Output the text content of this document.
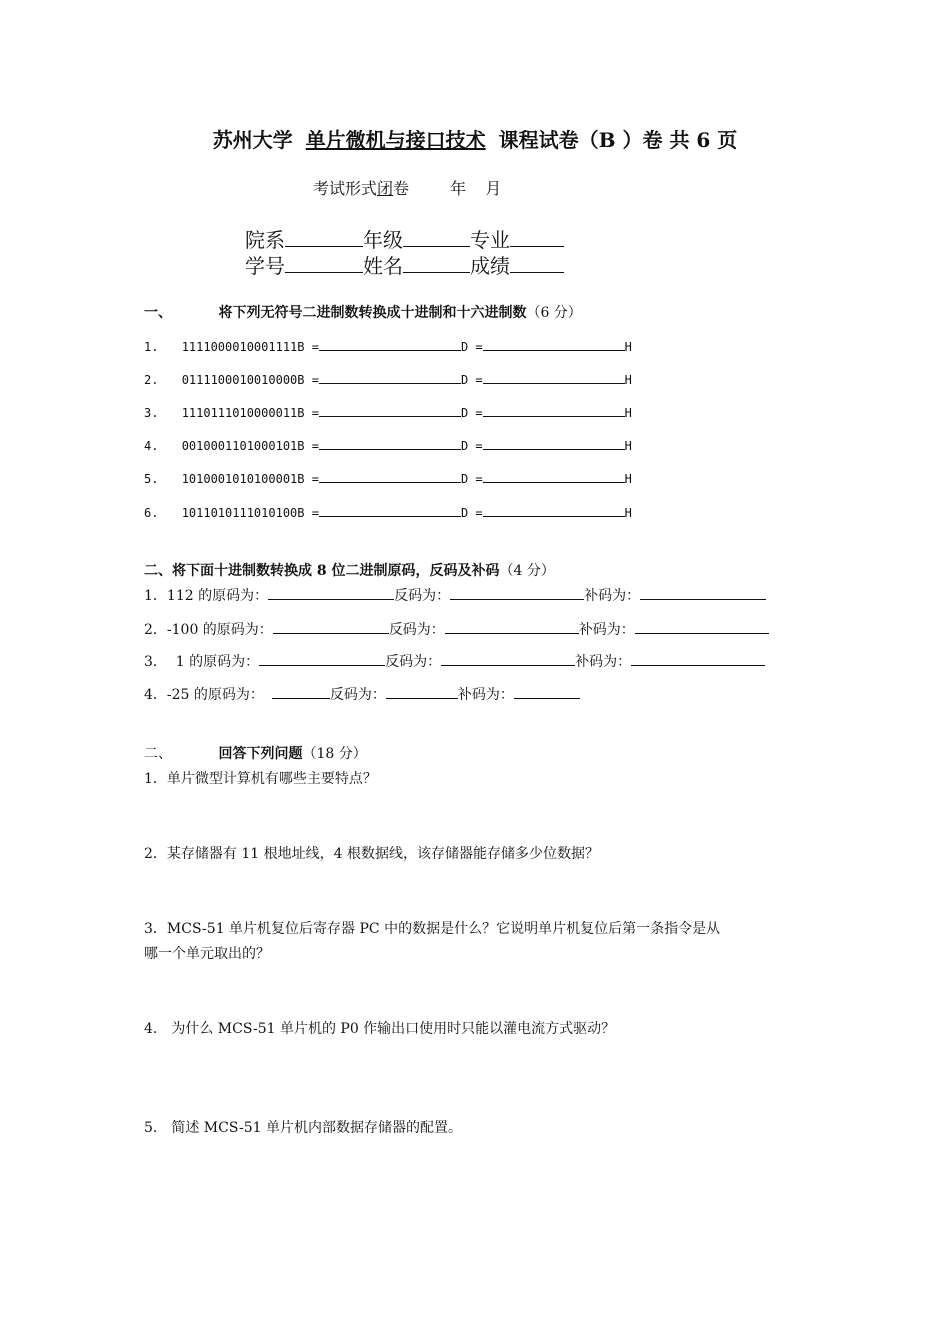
苏州大学 单片微机与接口技术 课程试卷（B ）卷 共 6 页
考试形式闭卷	年 月
院系	年级	专业
学号	姓名	成绩
一、	将下列无符号二进制数转换成十进制和十六进制数（6 分）
1. 1111000010001111B =	D =	H
2. 0111100010010000B =	D =	H
3. 1110111010000011B =	D =	H
4. 0010001101000101B =	D =	H
5. 1010001010100001B =	D =	H
6. 1011010111010100B =	D =	H
二、将下面十进制数转换成 8 位二进制原码，反码及补码（4 分）
1．112 的原码为：	反码为：	补码为：
2．-100 的原码为：	反码为：	补码为：
3．  1 的原码为：	反码为：	补码为：
4．-25 的原码为：	反码为：	补码为：
二、	回答下列问题（18 分）
1．单片微型计算机有哪些主要特点？
2．某存储器有 11 根地址线，4 根数据线，该存储器能存储多少位数据？
3．MCS-51 单片机复位后寄存器 PC 中的数据是什么？它说明单片机复位后第一条指令是从
哪一个单元取出的？
4． 为什么 MCS-51 单片机的 P0 作输出口使用时只能以灌电流方式驱动？
5． 简述 MCS-51 单片机内部数据存储器的配置。
